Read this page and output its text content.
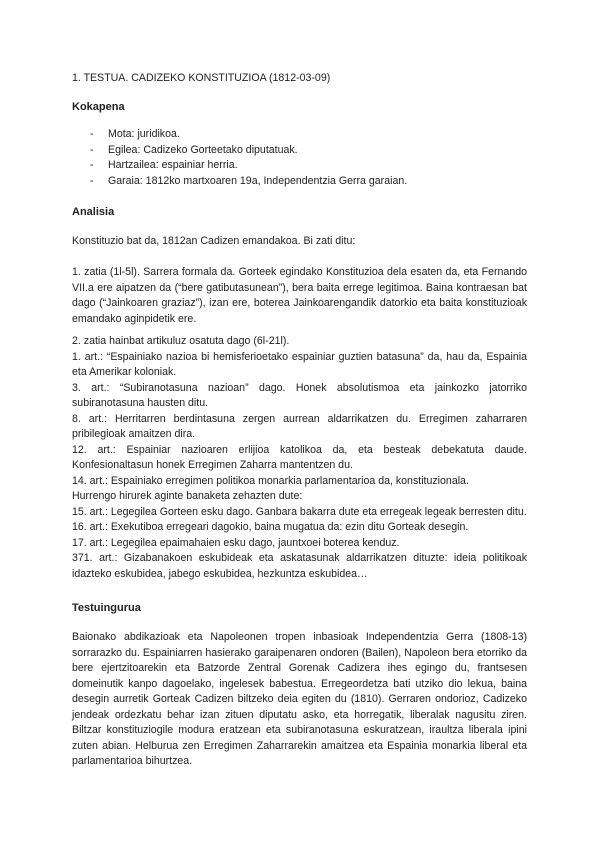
1. TESTUA. CADIZEKO KONSTITUZIOA (1812-03-09)
Kokapena
- Mota: juridikoa.
- Egilea: Cadizeko Gorteetako diputatuak.
- Hartzailea: espainiar herria.
- Garaia: 1812ko martxoaren 19a, Independentzia Gerra garaian.
Analisia
Konstituzio bat da, 1812an Cadizen emandakoa. Bi zati ditu:
1. zatia (1l-5l). Sarrera formala da. Gorteek egindako Konstituzioa dela esaten da, eta Fernando VII.a ere aipatzen da (“bere gatibutasunean”), bera baita errege legitimoa. Baina kontraesan bat dago (“Jainkoaren graziaz”), izan ere, boterea Jainkoarengandik datorkio eta baita konstituzioak emandako aginpidetik ere.

2. zatia hainbat artikuluz osatuta dago (6l-21l).

1. art.: “Espainiako nazioa bi hemisferioetako espainiar guztien batasuna” da, hau da, Espainia eta Amerikar koloniak.

3. art.: “Subiranotasuna nazioan” dago. Honek absolutismoa eta jainkozko jatorriko subiranotasuna hausten ditu.

8. art.: Herritarren berdintasuna zergen aurrean aldarrikatzen du. Erregimen zaharraren pribilegioak amaitzen dira.

12. art.: Espainiar nazioaren erlijioa katolikoa da, eta besteak debekatuta daude. Konfesionaltasun honek Erregimen Zaharra mantentzen du.

14. art.: Espainiako erregimen politikoa monarkia parlamentarioa da, konstituzionala.

Hurrengo hirurek aginte banaketa zehazten dute:

15. art.: Legegilea Gorteen esku dago. Ganbara bakarra dute eta erregeak legeak berresten ditu.

16. art.: Exekutiboa erregeari dagokio, baina mugatua da: ezin ditu Gorteak desegin.

17. art.: Legegilea epaimahaien esku dago, jauntxoei boterea kenduz.

371. art.: Gizabanakoen eskubideak eta askatasunak aldarrikatzen dituzte: ideia politikoak idazteko eskubidea, jabego eskubidea, hezkuntza eskubidea…

Testuingurua
Baionako abdikazioak eta Napoleonen tropen inbasioak Independentzia Gerra (1808-13) sorrarazko du. Espainiarren hasierako garaipenaren ondoren (Bailen), Napoleon bera etorriko da bere ejertzitoarekin eta Batzorde Zentral Gorenak Cadizera ihes egingo du, frantsesen domeinutik kanpo dagoelako, ingelesek babestua. Erregeordetza bati utziko dio lekua, baina desegin aurretik Gorteak Cadizen biltzeko deia egiten du (1810). Gerraren ondorioz, Cadizeko jendeak ordezkatu behar izan zituen diputatu asko, eta horregatik, liberalak nagusitu ziren. Biltzar konstituziogile modura eratzean eta subiranotasuna eskuratzean, iraultza liberala ipini zuten abian. Helburua zen Erregimen Zaharrarekin amaitzea eta Espainia monarkia liberal eta parlamentarioa bihurtzea.
